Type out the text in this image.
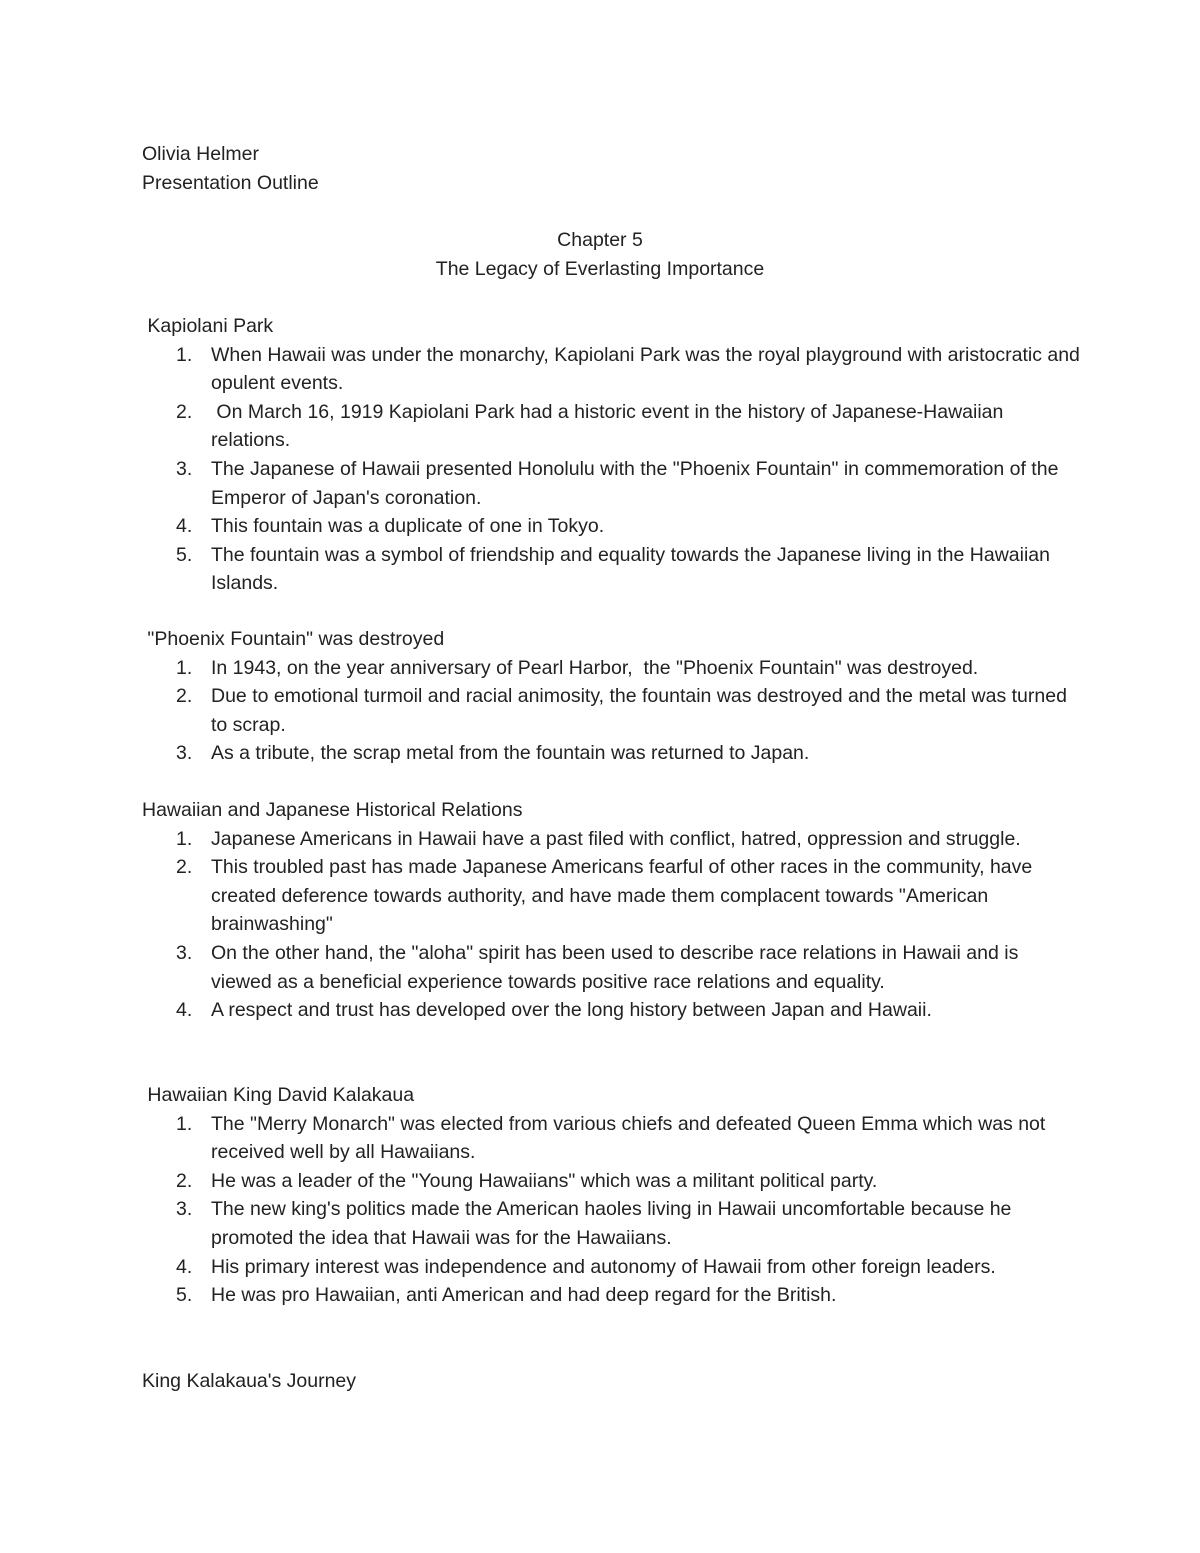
Olivia Helmer
Presentation Outline
Chapter 5
The Legacy of Everlasting Importance
Kapiolani Park
1. When Hawaii was under the monarchy, Kapiolani Park was the royal playground with aristocratic and opulent events.
2. On March 16, 1919 Kapiolani Park had a historic event in the history of Japanese-Hawaiian relations.
3. The Japanese of Hawaii presented Honolulu with the "Phoenix Fountain" in commemoration of the Emperor of Japan's coronation.
4. This fountain was a duplicate of one in Tokyo.
5. The fountain was a symbol of friendship and equality towards the Japanese living in the Hawaiian Islands.
"Phoenix Fountain" was destroyed
1. In 1943, on the year anniversary of Pearl Harbor,  the "Phoenix Fountain" was destroyed.
2. Due to emotional turmoil and racial animosity, the fountain was destroyed and the metal was turned to scrap.
3. As a tribute, the scrap metal from the fountain was returned to Japan.
Hawaiian and Japanese Historical Relations
1. Japanese Americans in Hawaii have a past filed with conflict, hatred, oppression and struggle.
2. This troubled past has made Japanese Americans fearful of other races in the community, have created deference towards authority, and have made them complacent towards "American brainwashing"
3. On the other hand, the "aloha" spirit has been used to describe race relations in Hawaii and is viewed as a beneficial experience towards positive race relations and equality.
4. A respect and trust has developed over the long history between Japan and Hawaii.
Hawaiian King David Kalakaua
1. The "Merry Monarch" was elected from various chiefs and defeated Queen Emma which was not received well by all Hawaiians.
2. He was a leader of the "Young Hawaiians" which was a militant political party.
3. The new king's politics made the American haoles living in Hawaii uncomfortable because he promoted the idea that Hawaii was for the Hawaiians.
4. His primary interest was independence and autonomy of Hawaii from other foreign leaders.
5. He was pro Hawaiian, anti American and had deep regard for the British.
King Kalakaua's Journey
